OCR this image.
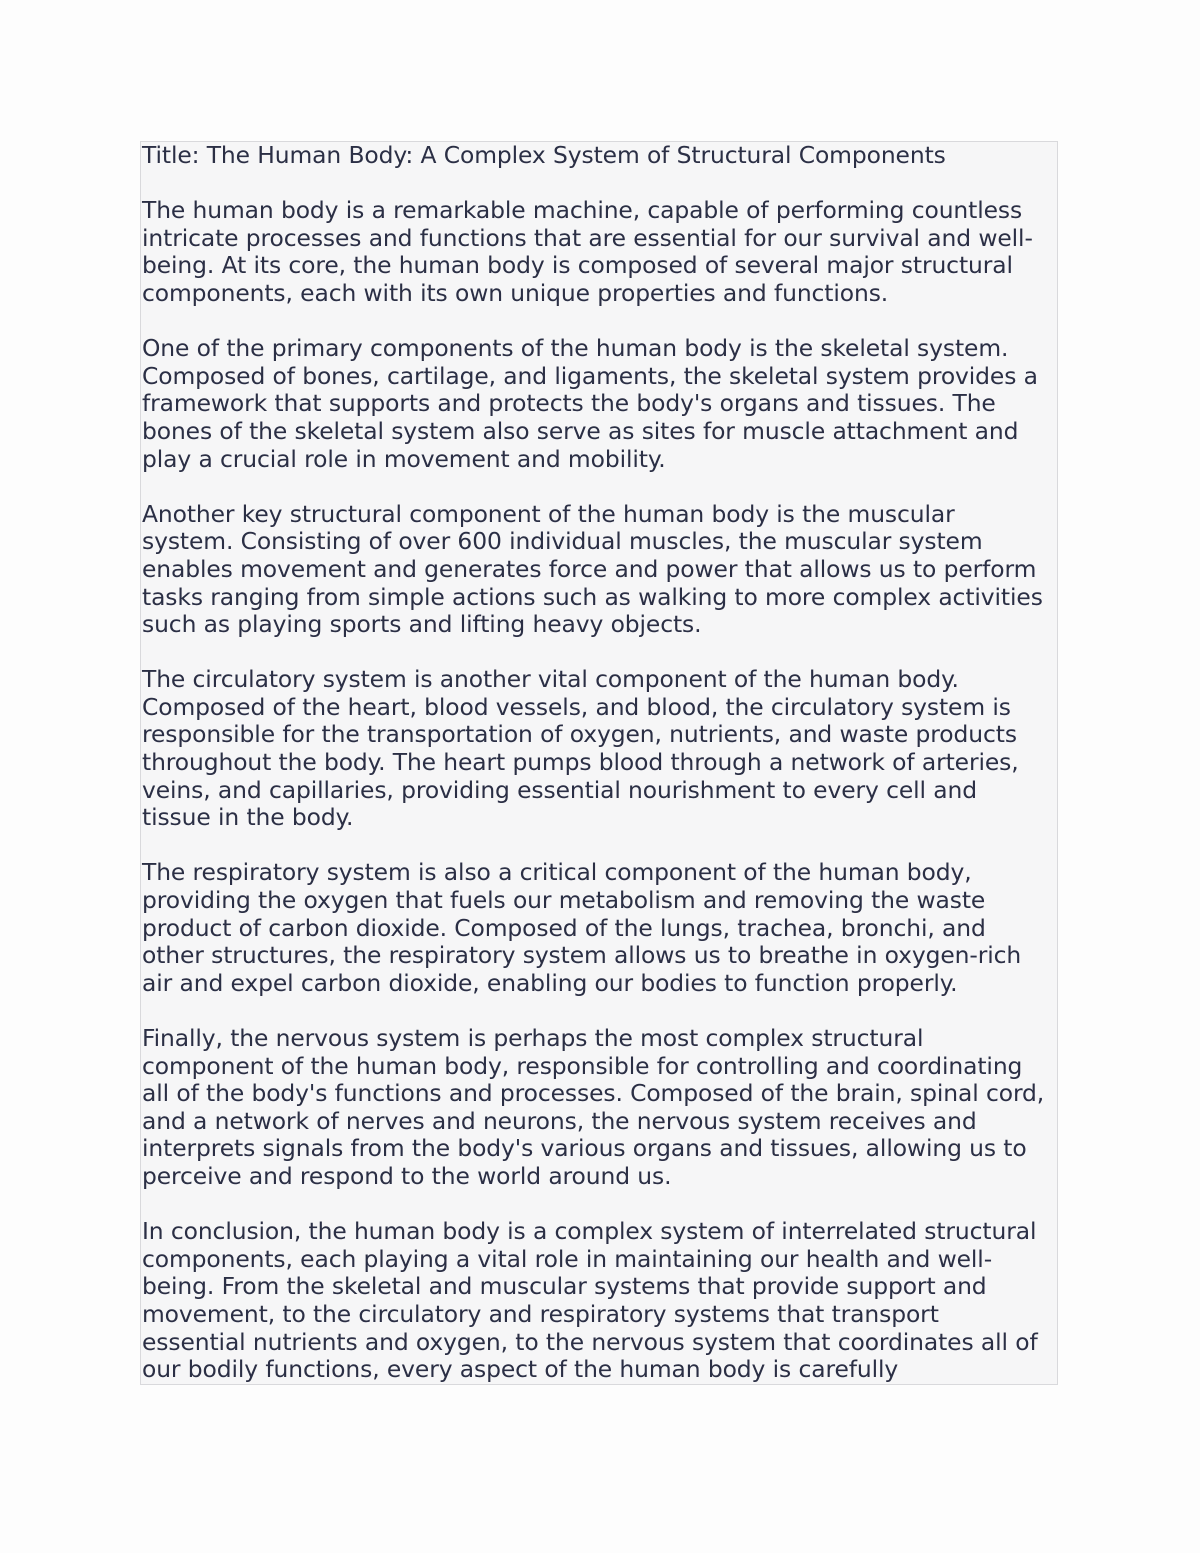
Title: The Human Body: A Complex System of Structural Components

The human body is a remarkable machine, capable of performing countless
intricate processes and functions that are essential for our survival and well-
being. At its core, the human body is composed of several major structural
components, each with its own unique properties and functions.

One of the primary components of the human body is the skeletal system.
Composed of bones, cartilage, and ligaments, the skeletal system provides a
framework that supports and protects the body's organs and tissues. The
bones of the skeletal system also serve as sites for muscle attachment and
play a crucial role in movement and mobility.

Another key structural component of the human body is the muscular
system. Consisting of over 600 individual muscles, the muscular system
enables movement and generates force and power that allows us to perform
tasks ranging from simple actions such as walking to more complex activities
such as playing sports and lifting heavy objects.

The circulatory system is another vital component of the human body.
Composed of the heart, blood vessels, and blood, the circulatory system is
responsible for the transportation of oxygen, nutrients, and waste products
throughout the body. The heart pumps blood through a network of arteries,
veins, and capillaries, providing essential nourishment to every cell and
tissue in the body.

The respiratory system is also a critical component of the human body,
providing the oxygen that fuels our metabolism and removing the waste
product of carbon dioxide. Composed of the lungs, trachea, bronchi, and
other structures, the respiratory system allows us to breathe in oxygen-rich
air and expel carbon dioxide, enabling our bodies to function properly.

Finally, the nervous system is perhaps the most complex structural
component of the human body, responsible for controlling and coordinating
all of the body's functions and processes. Composed of the brain, spinal cord,
and a network of nerves and neurons, the nervous system receives and
interprets signals from the body's various organs and tissues, allowing us to
perceive and respond to the world around us.

In conclusion, the human body is a complex system of interrelated structural
components, each playing a vital role in maintaining our health and well-
being. From the skeletal and muscular systems that provide support and
movement, to the circulatory and respiratory systems that transport
essential nutrients and oxygen, to the nervous system that coordinates all of
our bodily functions, every aspect of the human body is carefully
